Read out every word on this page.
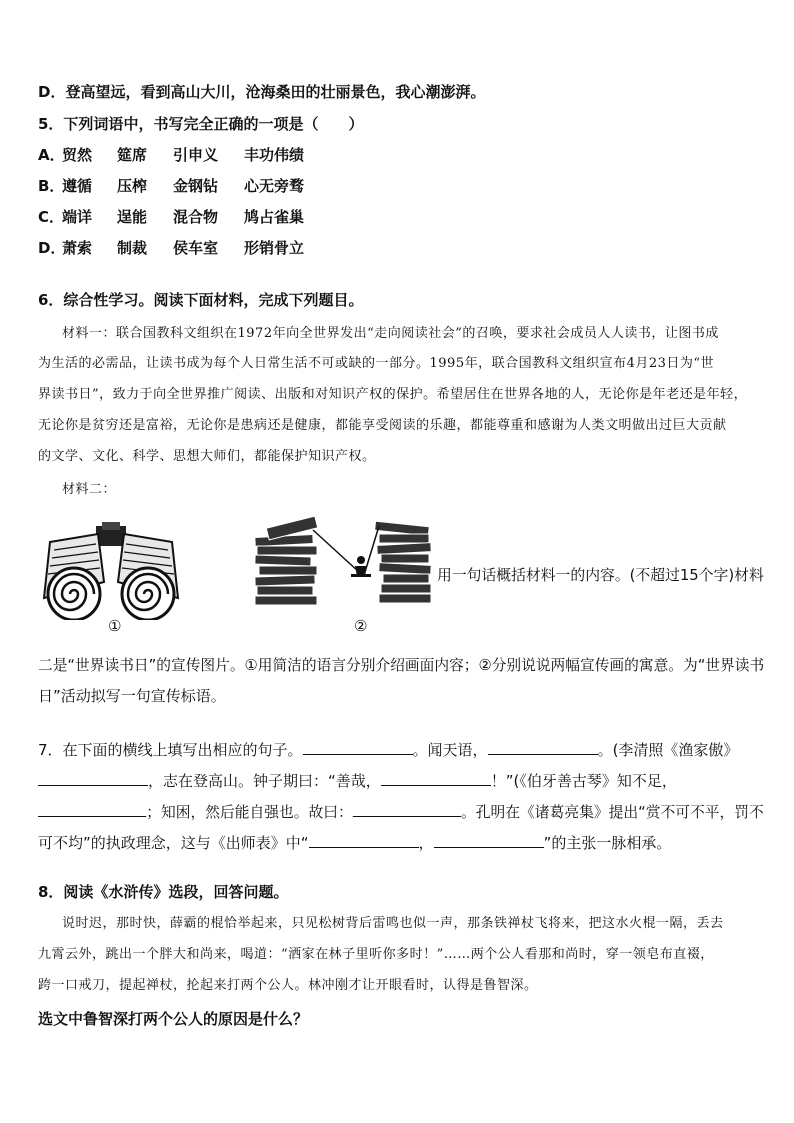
D．登高望远，看到高山大川，沧海桑田的壮丽景色，我心潮澎湃。
5．下列词语中，书写完全正确的一项是（　　）
A．
贸然 筵席 引申义 丰功伟绩
B．
遵循 压榨 金钢钻 心无旁骛
C．
端详 逞能 混合物 鸠占雀巢
D．
萧索 制裁 侯车室 形销骨立
6．综合性学习。阅读下面材料，完成下列题目。
材料一：联合国教科文组织在1972年向全世界发出“走向阅读社会”的召唤，要求社会成员人人读书，让图书成
为生活的必需品，让读书成为每个人日常生活不可或缺的一部分。1995年，联合国教科文组织宣布4月23日为“世
界读书日”，致力于向全世界推广阅读、出版和对知识产权的保护。希望居住在世界各地的人，无论你是年老还是年轻，
无论你是贫穷还是富裕，无论你是患病还是健康，都能享受阅读的乐趣，都能尊重和感谢为人类文明做出过巨大贡献
的文学、文化、科学、思想大师们，都能保护知识产权。
材料二：
①	②
用一句话概括材料一的内容。(不超过15个字)材料
二是“世界读书日”的宣传图片。①用简洁的语言分别介绍画面内容；②分别说说两幅宣传画的寓意。为“世界读书
日”活动拟写一句宣传标语。
7．在下面的横线上填写出相应的句子。	。闻天语，	。(李清照《渔家傲》
，志在登高山。钟子期曰：“善哉，	！”(《伯牙善古琴》知不足，
；知困，然后能自强也。故曰：	。孔明在《诸葛亮集》提出“赏不可不平，罚不
可不均”的执政理念，这与《出师表》中“	，	”的主张一脉相承。
8．阅读《水浒传》选段，回答问题。
说时迟，那时快，薛霸的棍恰举起来，只见松树背后雷鸣也似一声，那条铁禅杖飞将来，把这水火棍一隔，丢去
九霄云外，跳出一个胖大和尚来，喝道：“洒家在林子里听你多时！”……两个公人看那和尚时，穿一领皂布直裰，
跨一口戒刀，提起禅杖，抡起来打两个公人。林冲刚才让开眼看时，认得是鲁智深。
选文中鲁智深打两个公人的原因是什么？
